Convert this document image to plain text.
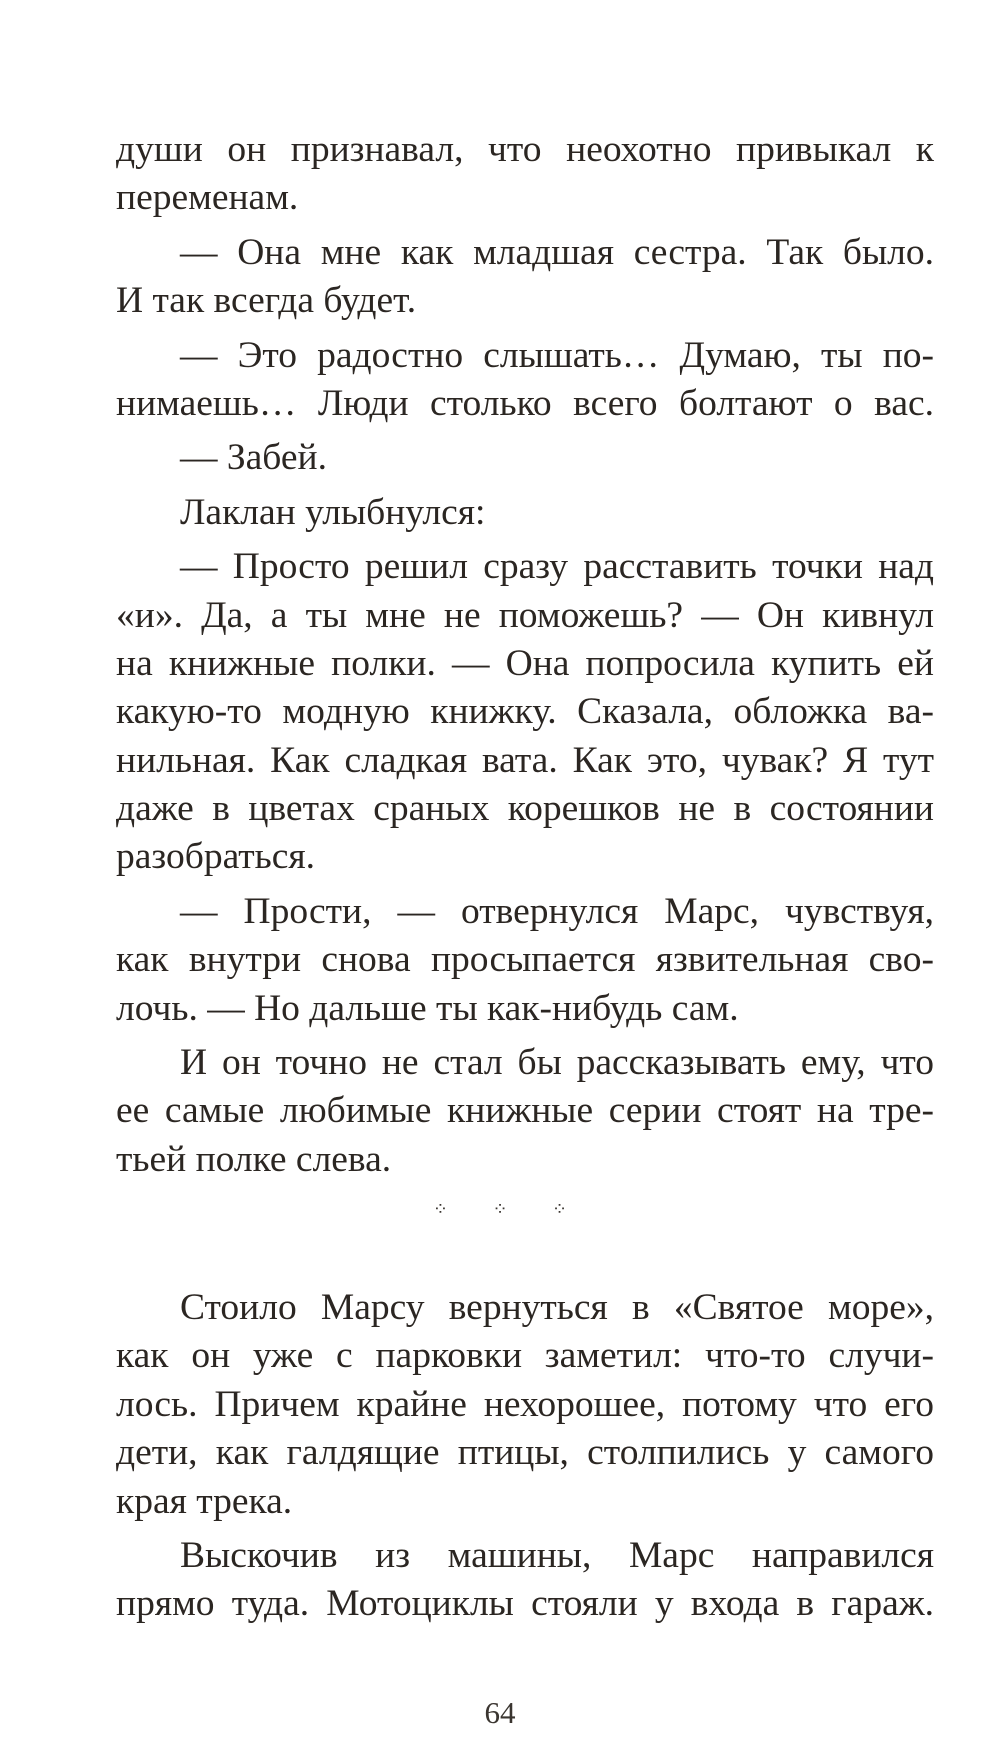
души он признавал, что неохотно привыкал к
переменам.
— Она мне как младшая сестра. Так было.
И так всегда будет.
— Это радостно слышать… Думаю, ты по-
нимаешь… Люди столько всего болтают о вас.
— Забей.
Лаклан улыбнулся:
— Просто решил сразу расставить точки над
«и». Да, а ты мне не поможешь? — Он кивнул
на книжные полки. — Она попросила купить ей
какую-то модную книжку. Сказала, обложка ва-
нильная. Как сладкая вата. Как это, чувак? Я тут
даже в цветах сраных корешков не в состоянии
разобраться.
— Прости, — отвернулся Марс, чувствуя,
как внутри снова просыпается язвительная сво-
лочь. — Но дальше ты как-нибудь сам.
И он точно не стал бы рассказывать ему, что
ее самые любимые книжные серии стоят на тре-
тьей полке слева.
⁘ ⁘ ⁘
Стоило Марсу вернуться в «Святое море»,
как он уже с парковки заметил: что-то случи-
лось. Причем крайне нехорошее, потому что его
дети, как галдящие птицы, столпились у самого
края трека.
Выскочив из машины, Марс направился
прямо туда. Мотоциклы стояли у входа в гараж.
64
